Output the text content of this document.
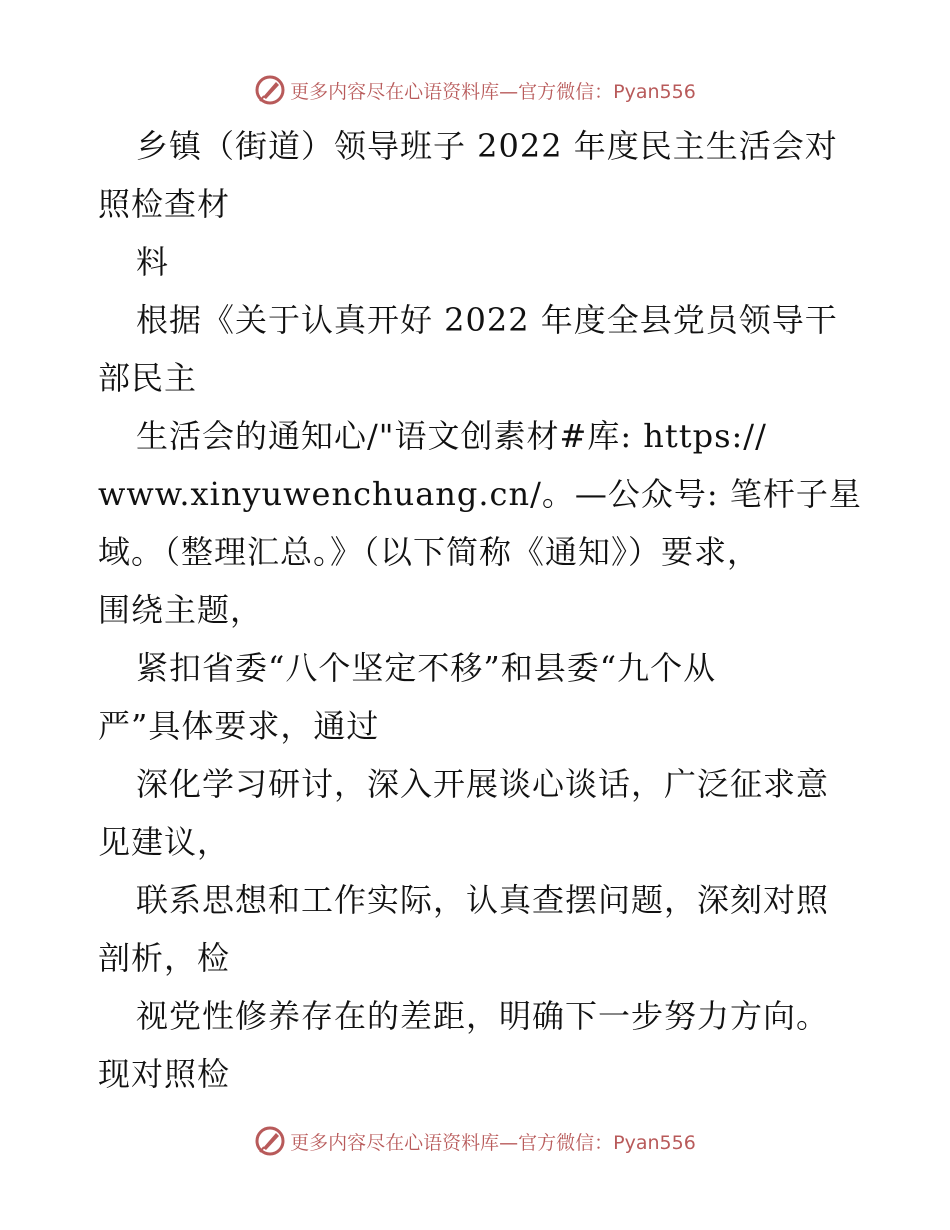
更多内容尽在心语资料库—官方微信：Pyan556
乡镇（街道）领导班子 2022 年度民主生活会对
照检查材
料
根据《关于认真开好 2022 年度全县党员领导干
部民主
生活会的通知心/"语文创素材#库: https://
www.xinyuwenchuang.cn/。—公众号: 笔杆子星
域。（整理汇总。》（以下简称《通知》）要求，
围绕主题，
紧扣省委“八个坚定不移”和县委“九个从
严”具体要求，通过
深化学习研讨，深入开展谈心谈话，广泛征求意
见建议，
联系思想和工作实际，认真查摆问题，深刻对照
剖析，检
视党性修养存在的差距，明确下一步努力方向。
现对照检
更多内容尽在心语资料库—官方微信：Pyan556
